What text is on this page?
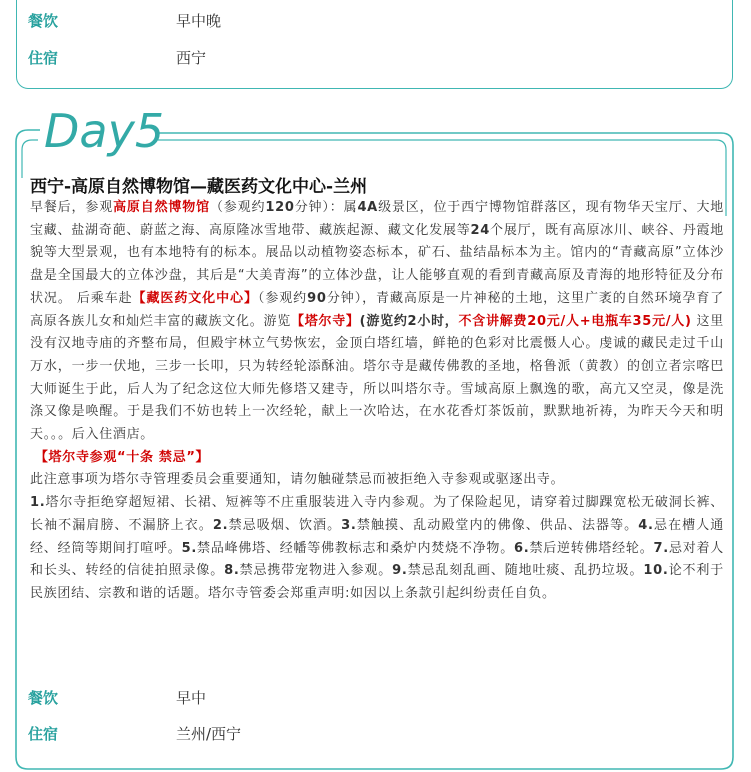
餐饮	早中晚
住宿	西宁
Day5
西宁-高原自然博物馆—藏医药文化中心-兰州

早餐后，参观高原自然博物馆（参观约120分钟）：属4A级景区，位于西宁博物馆群落区，现有物华天宝厅、大地宝藏、盐湖奇葩、蔚蓝之海、高原隆冰雪地带、藏族起源、藏文化发展等24个展厅，既有高原冰川、峡谷、丹霞地貌等大型景观，也有本地特有的标本。展品以动植物姿态标本，矿石、盐结晶标本为主。馆内的“青藏高原”立体沙盘是全国最大的立体沙盘，其后是“大美青海”的立体沙盘，让人能够直观的看到青藏高原及青海的地形特征及分布状况。 后乘车赴【藏医药文化中心】（参观约90分钟），青藏高原是一片神秘的土地，这里广袤的自然环境孕育了高原各族儿女和灿烂丰富的藏族文化。游览【塔尔寺】(游览约2小时，不含讲解费20元/人+电瓶车35元/人) 这里没有汉地寺庙的齐整布局，但殿宇林立气势恢宏，金顶白塔红墙，鲜艳的色彩对比震慑人心。虔诚的藏民走过千山万水，一步一伏地，三步一长叩，只为转经轮添酥油。塔尔寺是藏传佛教的圣地，格鲁派（黄教）的创立者宗喀巴大师诞生于此，后人为了纪念这位大师先修塔又建寺，所以叫塔尔寺。雪域高原上飘逸的歌，高亢又空灵，像是洗涤又像是唤醒。于是我们不妨也转上一次经轮，献上一次哈达，在水花香灯茶饭前，默默地祈祷，为昨天今天和明天。。。后入住酒店。

【塔尔寺参观“十条 禁忌”】

此注意事项为塔尔寺管理委员会重要通知，请勿触碰禁忌而被拒绝入寺参观或驱逐出寺。

1.塔尔寺拒绝穿超短裙、长裙、短裤等不庄重服装进入寺内参观。为了保险起见，请穿着过脚踝宽松无破洞长裤、长袖不漏肩膀、不漏脐上衣。2.禁忌吸烟、饮酒。3.禁触摸、乱动殿堂内的佛像、供品、法器等。4.忌在槽人通经、经筒等期间打喧呼。5.禁品峰佛塔、经幡等佛教标志和桑炉内焚烧不净物。6.禁后逆转佛塔经轮。7.忌对着人和长头、转经的信徒拍照录像。8.禁忌携带宠物进入参观。9.禁忌乱刻乱画、随地吐痰、乱扔垃圾。10.论不利于民族团结、宗教和谐的话题。塔尔寺管委会郑重声明:如因以上条款引起纠纷责任自负。

餐饮	早中
住宿	兰州/西宁
